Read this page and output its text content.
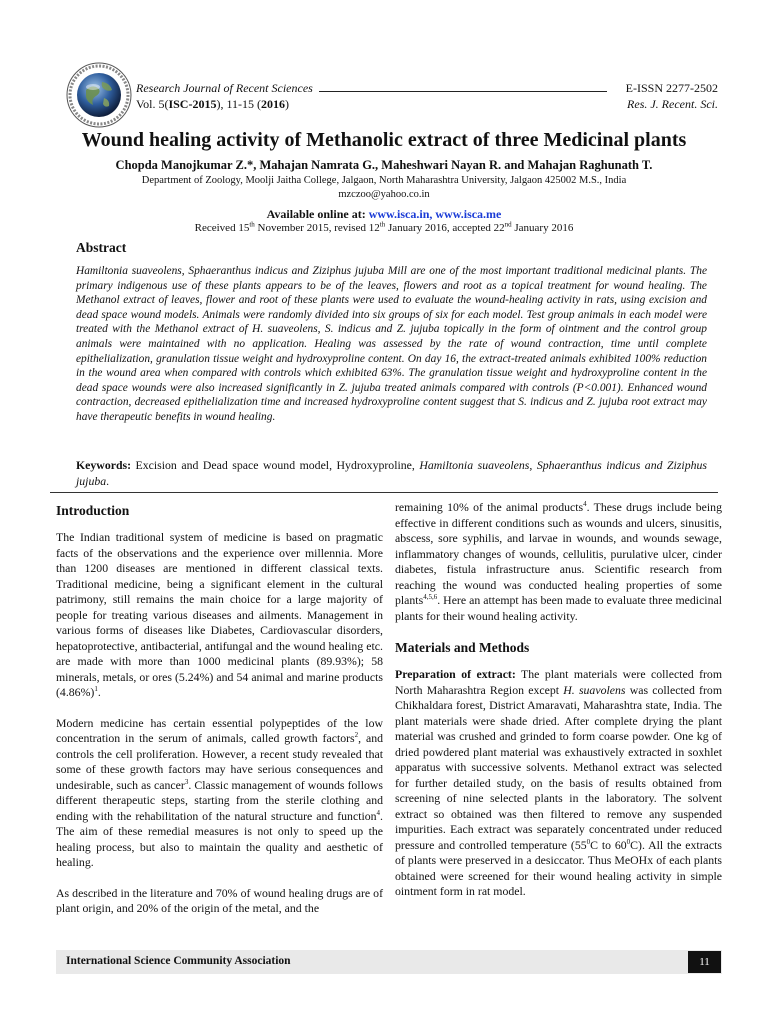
Research Journal of Recent Sciences
Vol. 5(ISC-2015), 11-15 (2016)
E-ISSN 2277-2502
Res. J. Recent. Sci.
Wound healing activity of Methanolic extract of three Medicinal plants
Chopda Manojkumar Z.*, Mahajan Namrata G., Maheshwari Nayan R. and Mahajan Raghunath T.
Department of Zoology, Moolji Jaitha College, Jalgaon, North Maharashtra University, Jalgaon 425002 M.S., India
mzczoo@yahoo.co.in
Available online at: www.isca.in, www.isca.me
Received 15th November 2015, revised 12th January 2016, accepted 22nd January 2016
Abstract
Hamiltonia suaveolens, Sphaeranthus indicus and Ziziphus jujuba Mill are one of the most important traditional medicinal plants. The primary indigenous use of these plants appears to be of the leaves, flowers and root as a topical treatment for wound healing. The Methanol extract of leaves, flower and root of these plants were used to evaluate the wound-healing activity in rats, using excision and dead space wound models. Animals were randomly divided into six groups of six for each model. Test group animals in each model were treated with the Methanol extract of H. suaveolens, S. indicus and Z. jujuba topically in the form of ointment and the control group animals were maintained with no application. Healing was assessed by the rate of wound contraction, time until complete epithelialization, granulation tissue weight and hydroxyproline content. On day 16, the extract-treated animals exhibited 100% reduction in the wound area when compared with controls which exhibited 63%. The granulation tissue weight and hydroxyproline content in the dead space wounds were also increased significantly in Z. jujuba treated animals compared with controls (P<0.001). Enhanced wound contraction, decreased epithelialization time and increased hydroxyproline content suggest that S. indicus and Z. jujuba root extract may have therapeutic benefits in wound healing.
Keywords: Excision and Dead space wound model, Hydroxyproline, Hamiltonia suaveolens, Sphaeranthus indicus and Ziziphus jujuba.
Introduction

The Indian traditional system of medicine is based on pragmatic facts of the observations and the experience over millennia. More than 1200 diseases are mentioned in different classical texts. Traditional medicine, being a significant element in the cultural patrimony, still remains the main choice for a large majority of people for treating various diseases and ailments. Management in various forms of diseases like Diabetes, Cardiovascular disorders, hepatoprotective, antibacterial, antifungal and the wound healing etc. are made with more than 1000 medicinal plants (89.93%); 58 minerals, metals, or ores (5.24%) and 54 animal and marine products $(4.86\%)^1$.

Modern medicine has certain essential polypeptides of the low concentration in the serum of animals, called growth factors$^2$, and controls the cell proliferation. However, a recent study revealed that some of these growth factors may have serious consequences and undesirable, such as cancer$^3$. Classic management of wounds follows different therapeutic steps, starting from the sterile clothing and ending with the rehabilitation of the natural structure and function$^4$. The aim of these remedial measures is not only to speed up the healing process, but also to maintain the quality and aesthetic of healing.

As described in the literature and 70% of wound healing drugs are of plant origin, and 20% of the origin of the metal, and the

remaining 10% of the animal products$^4$. These drugs include being effective in different conditions such as wounds and ulcers, sinusitis, abscess, sore syphilis, and larvae in wounds, and wounds sewage, inflammatory changes of wounds, cellulitis, purulative ulcer, cinder diabetes, fistula infrastructure anus. Scientific research from reaching the wound was conducted healing properties of some plants$^{4,5,6}$. Here an attempt has been made to evaluate three medicinal plants for their wound healing activity.

Materials and Methods

Preparation of extract: The plant materials were collected from North Maharashtra Region except H. suavolens was collected from Chikhaldara forest, District Amaravati, Maharashtra state, India. The plant materials were shade dried. After complete drying the plant material was crushed and grinded to form coarse powder. One kg of dried powdered plant material was exhaustively extracted in soxhlet apparatus with successive solvents. Methanol extract was selected for further detailed study, on the basis of results obtained from screening of nine selected plants in the laboratory. The solvent extract so obtained was then filtered to remove any suspended impurities. Each extract was separately concentrated under reduced pressure and controlled temperature ($55^0C$ to $60^0C$). All the extracts of plants were preserved in a desiccator. Thus MeOHx of each plants obtained were screened for their wound healing activity in simple ointment form in rat model.

International Science Community Association	11
